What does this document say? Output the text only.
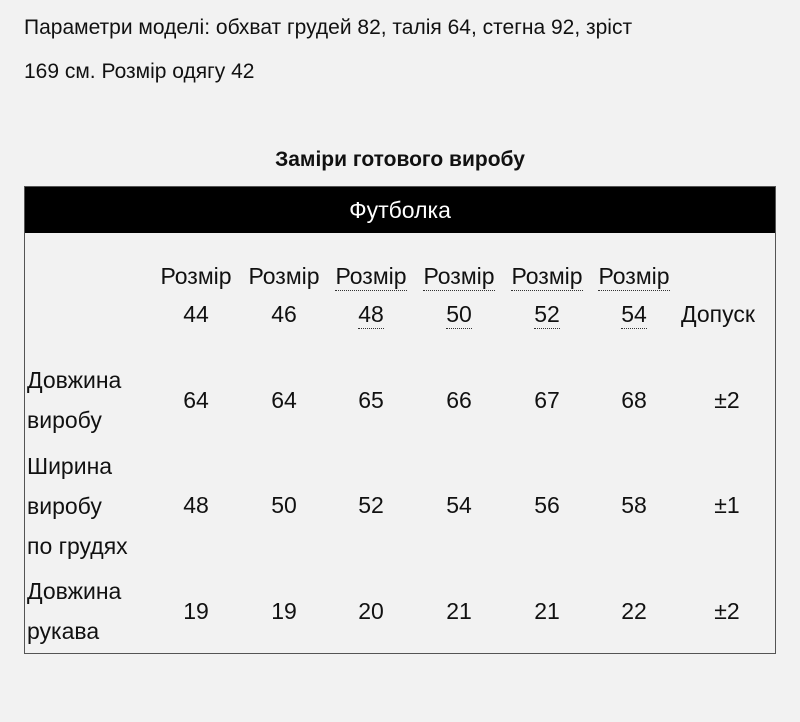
Параметри моделі: обхват грудей 82, талія 64, стегна 92, зріст
169 см. Розмір одягу 42
Заміри готового виробу
Футболка
Розмір Розмір Розмір Розмір Розмір Розмір
44	46	48	50	52	54	Допуск
Довжина
виробу
64	64	65	66	67	68	±2
Ширина
виробу
по грудях
48	50	52	54	56	58	±1
Довжина
рукава
19	19	20	21	21	22	±2
